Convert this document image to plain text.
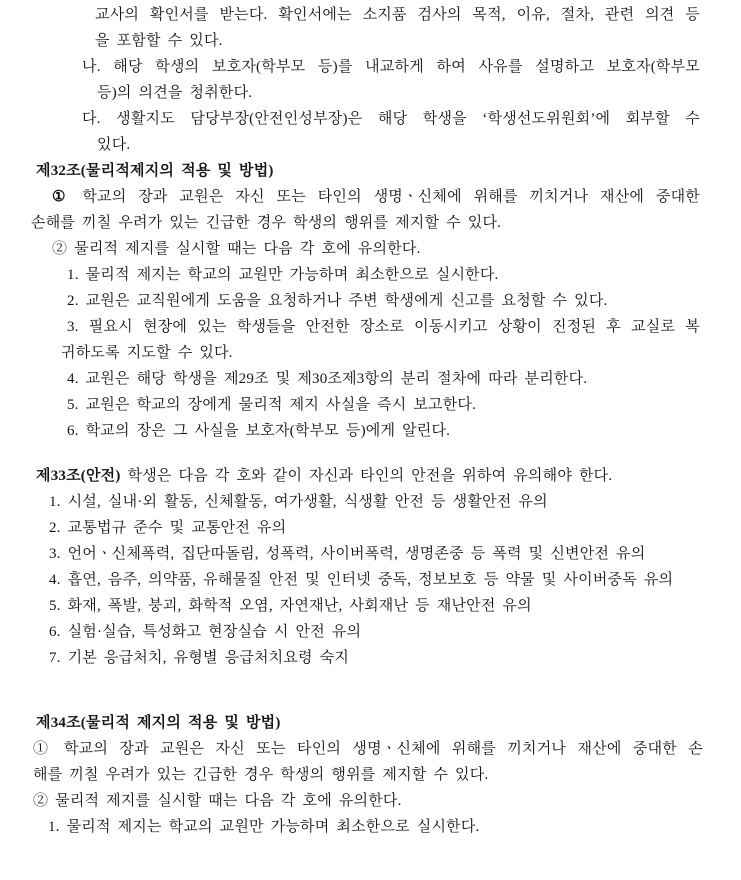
교사의 확인서를 받는다. 확인서에는 소지품 검사의 목적, 이유, 절차, 관련 의견 등
을 포함할 수 있다.
나. 해당 학생의 보호자(학부모 등)를 내교하게 하여 사유를 설명하고 보호자(학부모
등)의 의견을 청취한다.
다. 생활지도 담당부장(안전인성부장)은 해당 학생을 ‘학생선도위원회’에 회부할 수
있다.
제32조(물리적제지의 적용 및 방법)
① 학교의 장과 교원은 자신 또는 타인의 생명ㆍ신체에 위해를 끼치거나 재산에 중대한
손해를 끼칠 우려가 있는 긴급한 경우 학생의 행위를 제지할 수 있다.
② 물리적 제지를 실시할 때는 다음 각 호에 유의한다.
1. 물리적 제지는 학교의 교원만 가능하며 최소한으로 실시한다.
2. 교원은 교직원에게 도움을 요청하거나 주변 학생에게 신고를 요청할 수 있다.
3. 필요시 현장에 있는 학생들을 안전한 장소로 이동시키고 상황이 진정된 후 교실로 복
귀하도록 지도할 수 있다.
4. 교원은 해당 학생을 제29조 및 제30조제3항의 분리 절차에 따라 분리한다.
5. 교원은 학교의 장에게 물리적 제지 사실을 즉시 보고한다.
6. 학교의 장은 그 사실을 보호자(학부모 등)에게 알린다.
제33조(안전) 학생은 다음 각 호와 같이 자신과 타인의 안전을 위하여 유의해야 한다.
1. 시설, 실내·외 활동, 신체활동, 여가생활, 식생활 안전 등 생활안전 유의
2. 교통법규 준수 및 교통안전 유의
3. 언어ㆍ신체폭력, 집단따돌림, 성폭력, 사이버폭력, 생명존중 등 폭력 및 신변안전 유의
4. 흡연, 음주, 의약품, 유해물질 안전 및 인터넷 중독, 정보보호 등 약물 및 사이버중독 유의
5. 화재, 폭발, 붕괴, 화학적 오염, 자연재난, 사회재난 등 재난안전 유의
6. 실험·실습, 특성화고 현장실습 시 안전 유의
7. 기본 응급처치, 유형별 응급처치요령 숙지
제34조(물리적 제지의 적용 및 방법)
① 학교의 장과 교원은 자신 또는 타인의 생명ㆍ신체에 위해를 끼치거나 재산에 중대한 손
해를 끼칠 우려가 있는 긴급한 경우 학생의 행위를 제지할 수 있다.
② 물리적 제지를 실시할 때는 다음 각 호에 유의한다.
1. 물리적 제지는 학교의 교원만 가능하며 최소한으로 실시한다.
